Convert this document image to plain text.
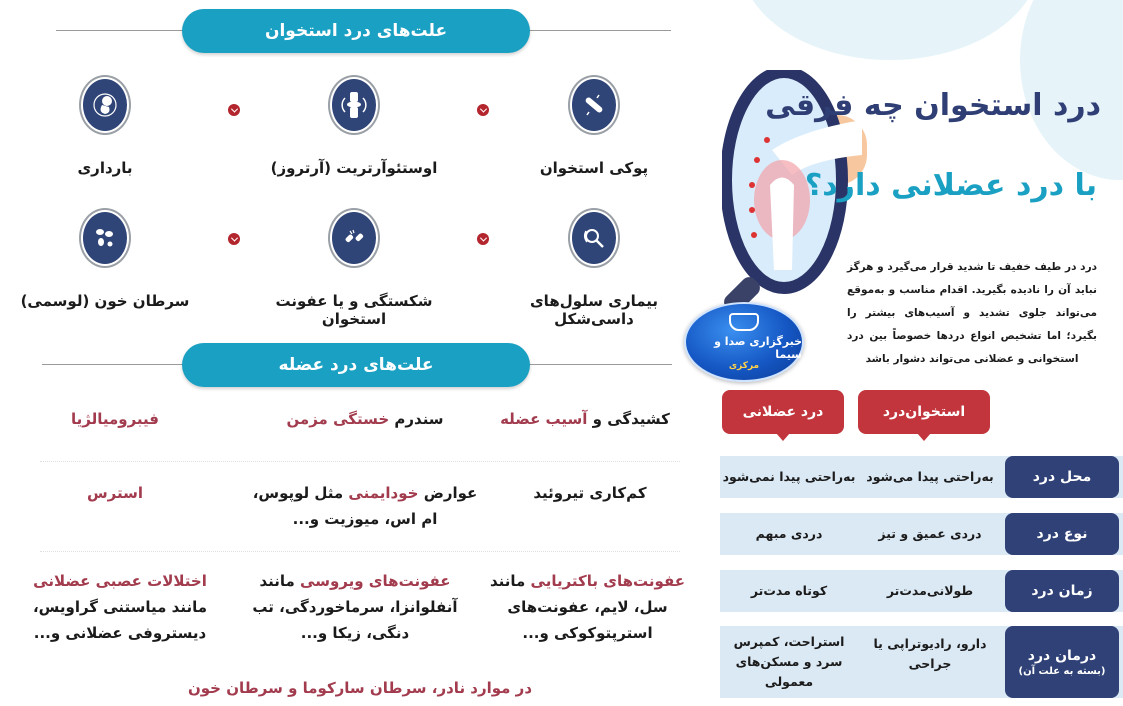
علت‌های درد استخوان
پوکی استخوان
اوستئوآرتریت (آرتروز)
بارداری
بیماری سلول‌های داسی‌شکل
شکستگی و یا عفونت استخوان
سرطان خون (لوسمی)
علت‌های درد عضله
کشیدگی و آسیب عضله
سندرم خستگی مزمن
فیبرومیالژیا
کم‌کاری تیروئید
عوارض خودایمنی مثل لوپوس، ام اس، میوزیت و...
استرس
عفونت‌های باکتریایی مانند سل، لایم، عفونت‌های استرپتوکوکی و...
عفونت‌های ویروسی مانند آنفلوانزا، سرماخوردگی، تب دنگی، زیکا و...
اختلالات عصبی عضلانی مانند میاستنی گراویس، دیستروفی عضلانی و...
در موارد نادر، سرطان سارکوما و سرطان خون
درد استخوان چه فرقی
با درد عضلانی دارد؟
درد در طیف خفیف تا شدید قرار می‌گیرد و هرگز نباید آن را نادیده بگیرید. اقدام مناسب و به‌موقع می‌تواند جلوی تشدید و آسیب‌های بیشتر را بگیرد؛ اما تشخیص انواع دردها خصوصاً بین درد استخوانی و عضلانی می‌تواند دشوار باشد
استخوان‌درد
درد عضلانی
محل درد
به‌راحتی پیدا می‌شود
به‌راحتی پیدا نمی‌شود
نوع درد
دردی عمیق و تیز
دردی مبهم
زمان درد
طولانی‌مدت‌تر
کوتاه مدت‌تر
درمان درد
(بسته به علت آن)
دارو، رادیوتراپی یا جراحی
استراحت، کمپرس سرد و مسکن‌های معمولی
خبرگزاری صدا و سیما
مرکزی
